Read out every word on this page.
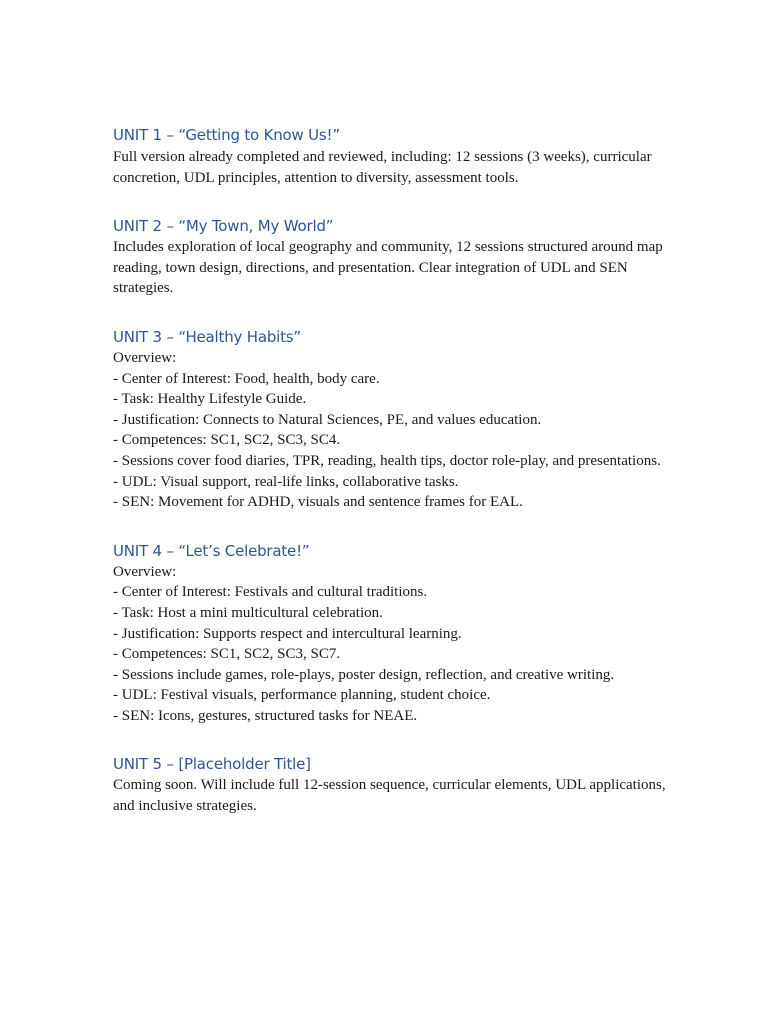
UNIT 1 – “Getting to Know Us!”

Full version already completed and reviewed, including: 12 sessions (3 weeks), curricular concretion, UDL principles, attention to diversity, assessment tools.

UNIT 2 – “My Town, My World”

Includes exploration of local geography and community, 12 sessions structured around map reading, town design, directions, and presentation. Clear integration of UDL and SEN strategies.

UNIT 3 – “Healthy Habits”

Overview:

- Center of Interest: Food, health, body care.

- Task: Healthy Lifestyle Guide.

- Justification: Connects to Natural Sciences, PE, and values education.

- Competences: SC1, SC2, SC3, SC4.

- Sessions cover food diaries, TPR, reading, health tips, doctor role-play, and presentations.

- UDL: Visual support, real-life links, collaborative tasks.

- SEN: Movement for ADHD, visuals and sentence frames for EAL.

UNIT 4 – “Let’s Celebrate!”

Overview:

- Center of Interest: Festivals and cultural traditions.

- Task: Host a mini multicultural celebration.

- Justification: Supports respect and intercultural learning.

- Competences: SC1, SC2, SC3, SC7.

- Sessions include games, role-plays, poster design, reflection, and creative writing.

- UDL: Festival visuals, performance planning, student choice.

- SEN: Icons, gestures, structured tasks for NEAE.

UNIT 5 – [Placeholder Title]

Coming soon. Will include full 12-session sequence, curricular elements, UDL applications, and inclusive strategies.
